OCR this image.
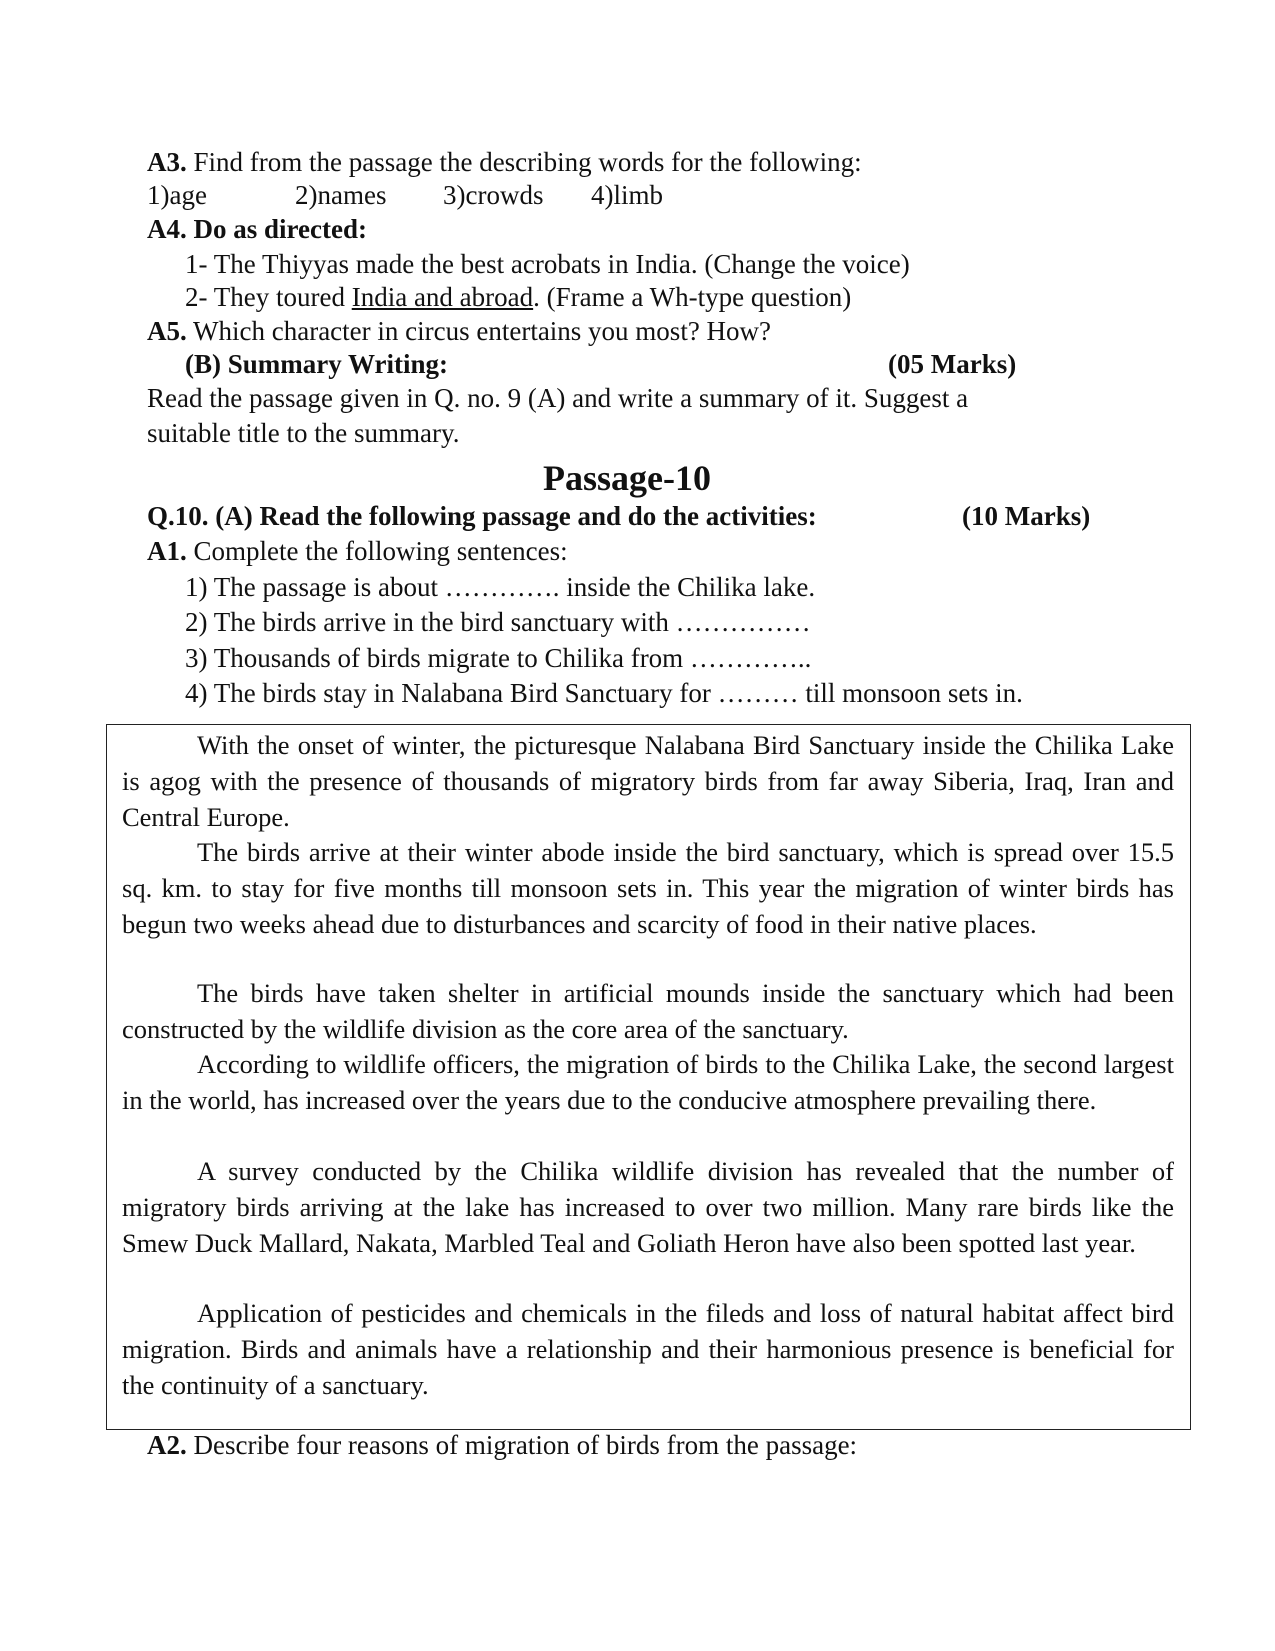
A3. Find from the passage the describing words for the following:
1)age	2)names 3)crowds 4)limb
A4. Do as directed:
1- The Thiyyas made the best acrobats in India. (Change the voice)
2- They toured India and abroad. (Frame a Wh-type question)
A5. Which character in circus entertains you most? How?
(B) Summary Writing:	(05 Marks)
Read the passage given in Q. no. 9 (A) and write a summary of it. Suggest a
suitable title to the summary.
Passage-10
Q.10. (A) Read the following passage and do the activities:	(10 Marks)
A1. Complete the following sentences:
1) The passage is about …………. inside the Chilika lake.
2) The birds arrive in the bird sanctuary with ……………
3) Thousands of birds migrate to Chilika from …………..
4) The birds stay in Nalabana Bird Sanctuary for ……… till monsoon sets in.
With the onset of winter, the picturesque Nalabana Bird Sanctuary inside the Chilika Lake is agog with the presence of thousands of migratory birds from far away Siberia, Iraq, Iran and Central Europe.
The birds arrive at their winter abode inside the bird sanctuary, which is spread over 15.5 sq. km. to stay for five months till monsoon sets in. This year the migration of winter birds has begun two weeks ahead due to disturbances and scarcity of food in their native places.
The birds have taken shelter in artificial mounds inside the sanctuary which had been constructed by the wildlife division as the core area of the sanctuary.
According to wildlife officers, the migration of birds to the Chilika Lake, the second largest in the world, has increased over the years due to the conducive atmosphere prevailing there.
A survey conducted by the Chilika wildlife division has revealed that the number of migratory birds arriving at the lake has increased to over two million. Many rare birds like the Smew Duck Mallard, Nakata, Marbled Teal and Goliath Heron have also been spotted last year.
Application of pesticides and chemicals in the fileds and loss of natural habitat affect bird migration. Birds and animals have a relationship and their harmonious presence is beneficial for the continuity of a sanctuary.
A2. Describe four reasons of migration of birds from the passage:
